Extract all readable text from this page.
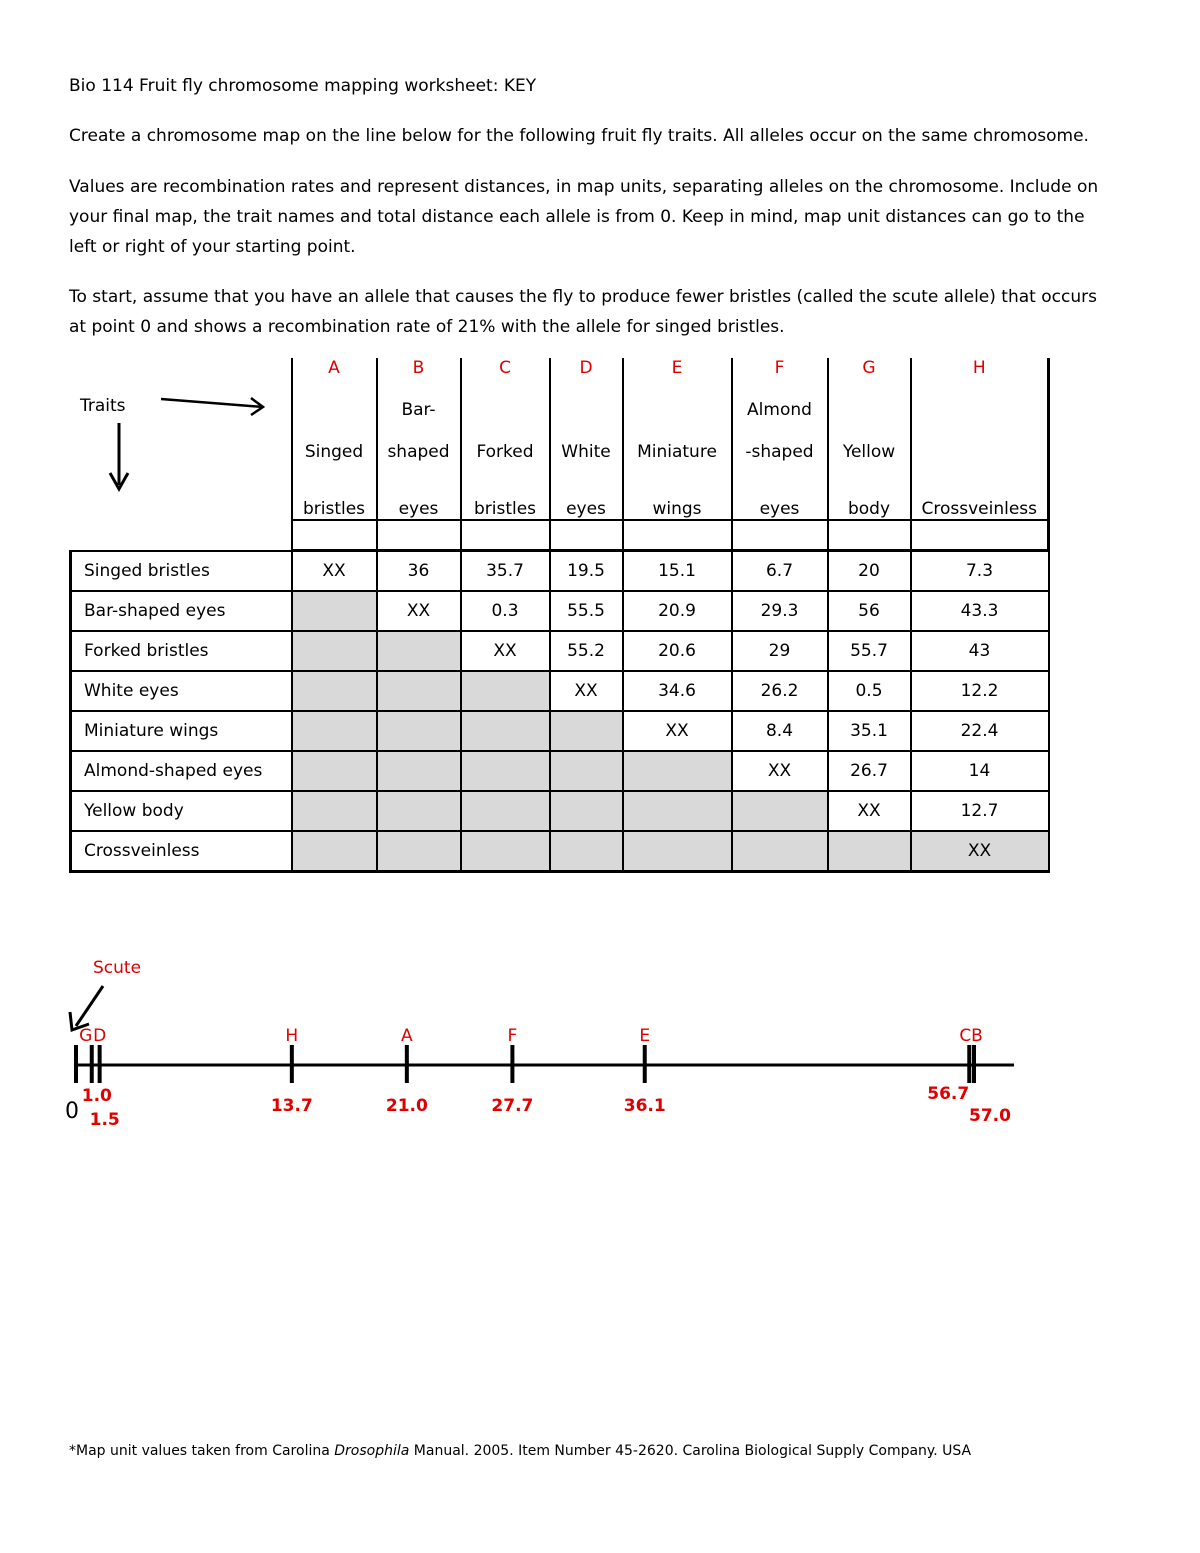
Bio 114 Fruit fly chromosome mapping worksheet: KEY
Create a chromosome map on the line below for the following fruit fly traits. All alleles occur on the same chromosome.
Values are recombination rates and represent distances, in map units, separating alleles on the chromosome. Include on
your final map, the trait names and total distance each allele is from 0. Keep in mind, map unit distances can go to the
left or right of your starting point.
To start, assume that you have an allele that causes the fly to produce fewer bristles (called the scute allele) that occurs
at point 0 and shows a recombination rate of 21% with the allele for singed bristles.
Traits
	A	B	C	D	E	F	G	H
		Bar-				Almond		
	Singed	shaped	Forked	White	Miniature	-shaped	Yellow	
	bristles	eyes	bristles	eyes	wings	eyes	body	Crossveinless

Singed bristles	XX	36	35.7	19.5	15.1	6.7	20	7.3
Bar-shaped eyes		XX	0.3	55.5	20.9	29.3	56	43.3
Forked bristles			XX	55.2	20.6	29	55.7	43
White eyes				XX	34.6	26.2	0.5	12.2
Miniature wings					XX	8.4	35.1	22.4
Almond-shaped eyes						XX	26.7	14
Yellow body							XX	12.7
Crossveinless								XX
0
Scute
G
1.0
D
1.5
H
13.7
A
21.0
F
27.7
E
36.1
C
56.7
B
57.0
*Map unit values taken from Carolina Drosophila Manual. 2005. Item Number 45-2620. Carolina Biological Supply Company. USA
